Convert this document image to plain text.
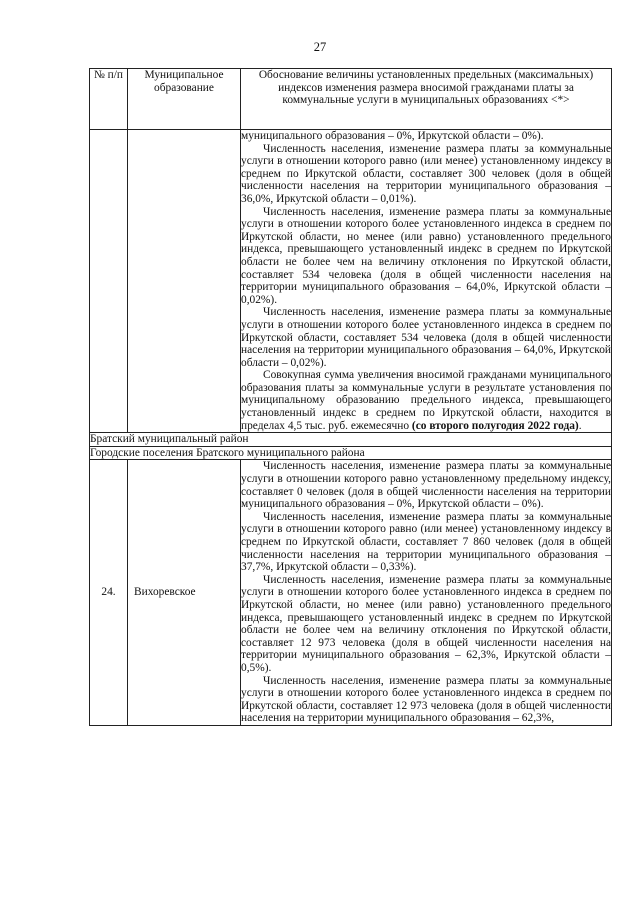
27
№ п/п	Муниципальное образование	Обоснование величины установленных предельных (максимальных) индексов изменения размера вносимой гражданами платы за коммунальные услуги в муниципальных образованиях <*>

		муниципального образования – 0%, Иркутской области – 0%).

Численность населения, изменение размера платы за коммунальные услуги в отношении которого равно (или менее) установленному индексу в среднем по Иркутской области, составляет 300 человек (доля в общей численности населения на территории муниципального образования – 36,0%, Иркутской области – 0,01%).

Численность населения, изменение размера платы за коммунальные услуги в отношении которого более установленного индекса в среднем по Иркутской области, но менее (или равно) установленного предельного индекса, превышающего установленный индекс в среднем по Иркутской области не более чем на величину отклонения по Иркутской области, составляет 534 человека (доля в общей численности населения на территории муниципального образования – 64,0%, Иркутской области – 0,02%).

Численность населения, изменение размера платы за коммунальные услуги в отношении которого более установленного индекса в среднем по Иркутской области, составляет 534 человека (доля в общей численности населения на территории муниципального образования – 64,0%, Иркутской области – 0,02%).

Совокупная сумма увеличения вносимой гражданами муниципального образования платы за коммунальные услуги в результате установления по муниципальному образованию предельного индекса, превышающего установленный индекс в среднем по Иркутской области, находится в пределах 4,5 тыс. руб. ежемесячно (со второго полугодия 2022 года).

Братский муниципальный район		
Городские поселения Братского муниципального района		
24.	Вихоревское	Численность населения, изменение размера платы за коммунальные услуги в отношении которого равно установленному предельному индексу, составляет 0 человек (доля в общей численности населения на территории муниципального образования – 0%, Иркутской области – 0%).

Численность населения, изменение размера платы за коммунальные услуги в отношении которого равно (или менее) установленному индексу в среднем по Иркутской области, составляет 7 860 человек (доля в общей численности населения на территории муниципального образования – 37,7%, Иркутской области – 0,33%).

Численность населения, изменение размера платы за коммунальные услуги в отношении которого более установленного индекса в среднем по Иркутской области, но менее (или равно) установленного предельного индекса, превышающего установленный индекс в среднем по Иркутской области не более чем на величину отклонения по Иркутской области, составляет 12 973 человека (доля в общей численности населения на территории муниципального образования – 62,3%, Иркутской области – 0,5%).

Численность населения, изменение размера платы за коммунальные услуги в отношении которого более установленного индекса в среднем по Иркутской области, составляет 12 973 человека (доля в общей численности населения на территории муниципального образования – 62,3%,
